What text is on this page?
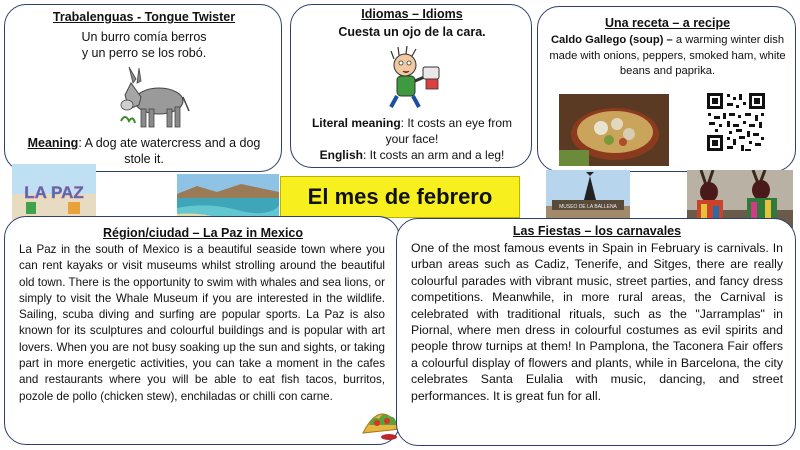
Trabalenguas - Tongue Twister

Un burro comía berros
y un perro se los robó.
Meaning: A dog ate watercress and a dog stole it.

Idiomas – Idioms

Cuesta un ojo de la cara.
Literal meaning: It costs an eye from your face!
English: It costs an arm and a leg!

Una receta – a recipe

Caldo Gallego (soup) – a warming winter dish made with onions, peppers, smoked ham, white beans and paprika.
LA PAZ	El mes de febrero	MUSEO DE LA BALLENA

Région/ciudad – La Paz in Mexico

La Paz in the south of Mexico is a beautiful seaside town where you can rent kayaks or visit museums whilst strolling around the beautiful old town. There is the opportunity to swim with whales and sea lions, or simply to visit the Whale Museum if you are interested in the wildlife. Sailing, scuba diving and surfing are popular sports. La Paz is also known for its sculptures and colourful buildings and is popular with art lovers. When you are not busy soaking up the sun and sights, or taking part in more energetic activities, you can take a moment in the cafes and restaurants where you will be able to eat fish tacos, burritos, pozole de pollo (chicken stew), enchiladas or chilli con carne.

Las Fiestas – los carnavales

One of the most famous events in Spain in February is carnivals. In urban areas such as Cadiz, Tenerife, and Sitges, there are really colourful parades with vibrant music, street parties, and fancy dress competitions. Meanwhile, in more rural areas, the Carnival is celebrated with traditional rituals, such as the "Jarramplas" in Piornal, where men dress in colourful costumes as evil spirits and people throw turnips at them! In Pamplona, the Taconera Fair offers a colourful display of flowers and plants, while in Barcelona, the city celebrates Santa Eulalia with music, dancing, and street performances. It is great fun for all.
